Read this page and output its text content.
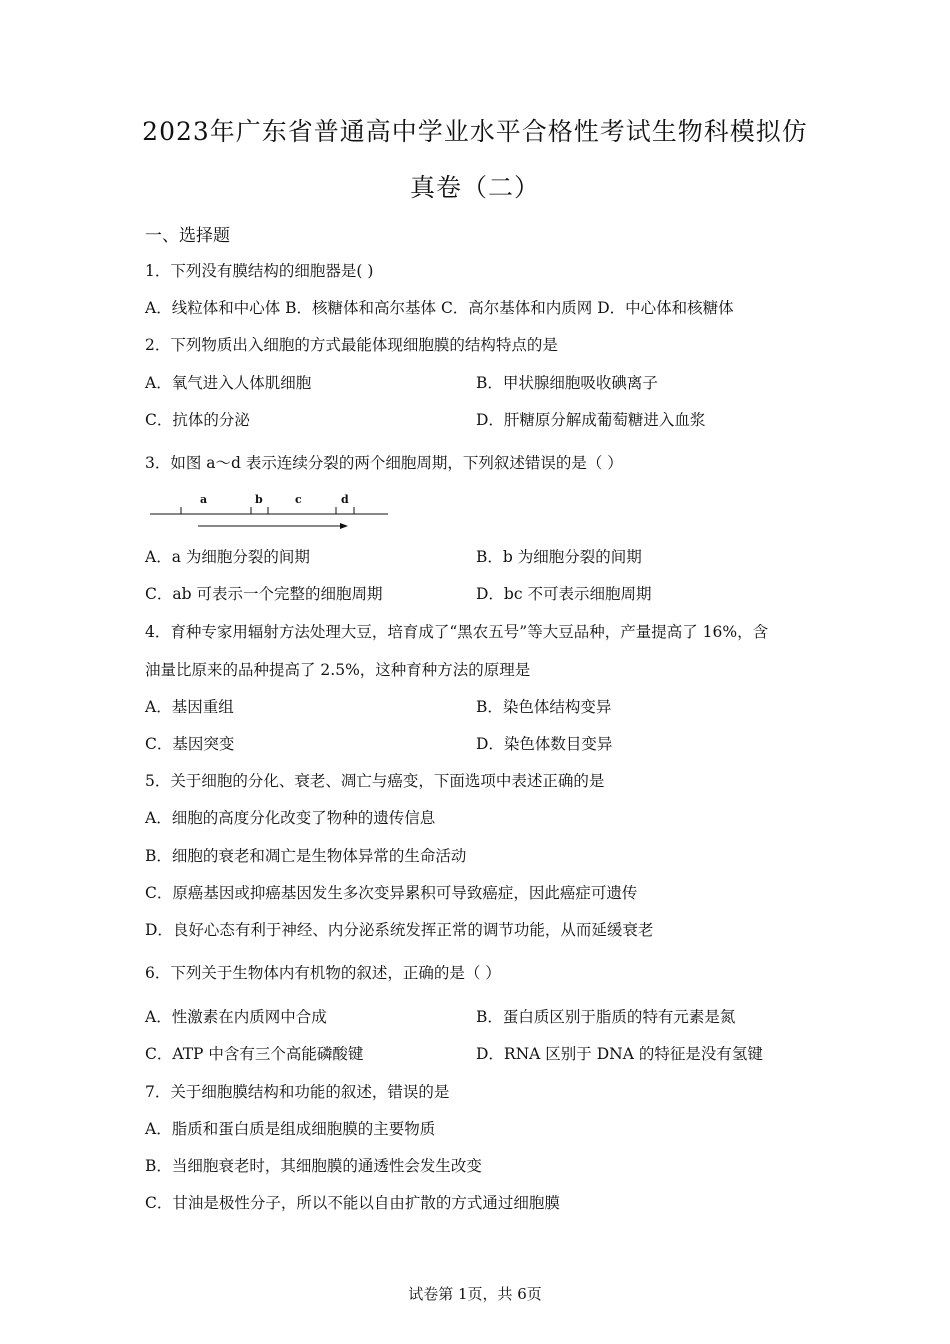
2023年广东省普通高中学业水平合格性考试生物科模拟仿
真卷（二）
一、选择题
1．下列没有膜结构的细胞器是( )
A．线粒体和中心体 B．核糖体和高尔基体 C．高尔基体和内质网 D．中心体和核糖体
2．下列物质出入细胞的方式最能体现细胞膜的结构特点的是
A．氧气进入人体肌细胞	B．甲状腺细胞吸收碘离子
C．抗体的分泌	D．肝糖原分解成葡萄糖进入血浆
3．如图 a～d 表示连续分裂的两个细胞周期，下列叙述错误的是（ ）
a	b	c	d
A．a 为细胞分裂的间期	B．b 为细胞分裂的间期
C．ab 可表示一个完整的细胞周期	D．bc 不可表示细胞周期
4．育种专家用辐射方法处理大豆，培育成了“黑农五号”等大豆品种，产量提高了 16%，含
油量比原来的品种提高了 2.5%，这种育种方法的原理是
A．基因重组	B．染色体结构变异
C．基因突变	D．染色体数目变异
5．关于细胞的分化、衰老、凋亡与癌变，下面选项中表述正确的是
A．细胞的高度分化改变了物种的遗传信息
B．细胞的衰老和凋亡是生物体异常的生命活动
C．原癌基因或抑癌基因发生多次变异累积可导致癌症，因此癌症可遗传
D．良好心态有利于神经、内分泌系统发挥正常的调节功能，从而延缓衰老
6．下列关于生物体内有机物的叙述，正确的是（ ）
A．性激素在内质网中合成	B．蛋白质区别于脂质的特有元素是氮
C．ATP 中含有三个高能磷酸键	D．RNA 区别于 DNA 的特征是没有氢键
7．关于细胞膜结构和功能的叙述，错误的是
A．脂质和蛋白质是组成细胞膜的主要物质
B．当细胞衰老时，其细胞膜的通透性会发生改变
C．甘油是极性分子，所以不能以自由扩散的方式通过细胞膜
试卷第 1页，共 6页
